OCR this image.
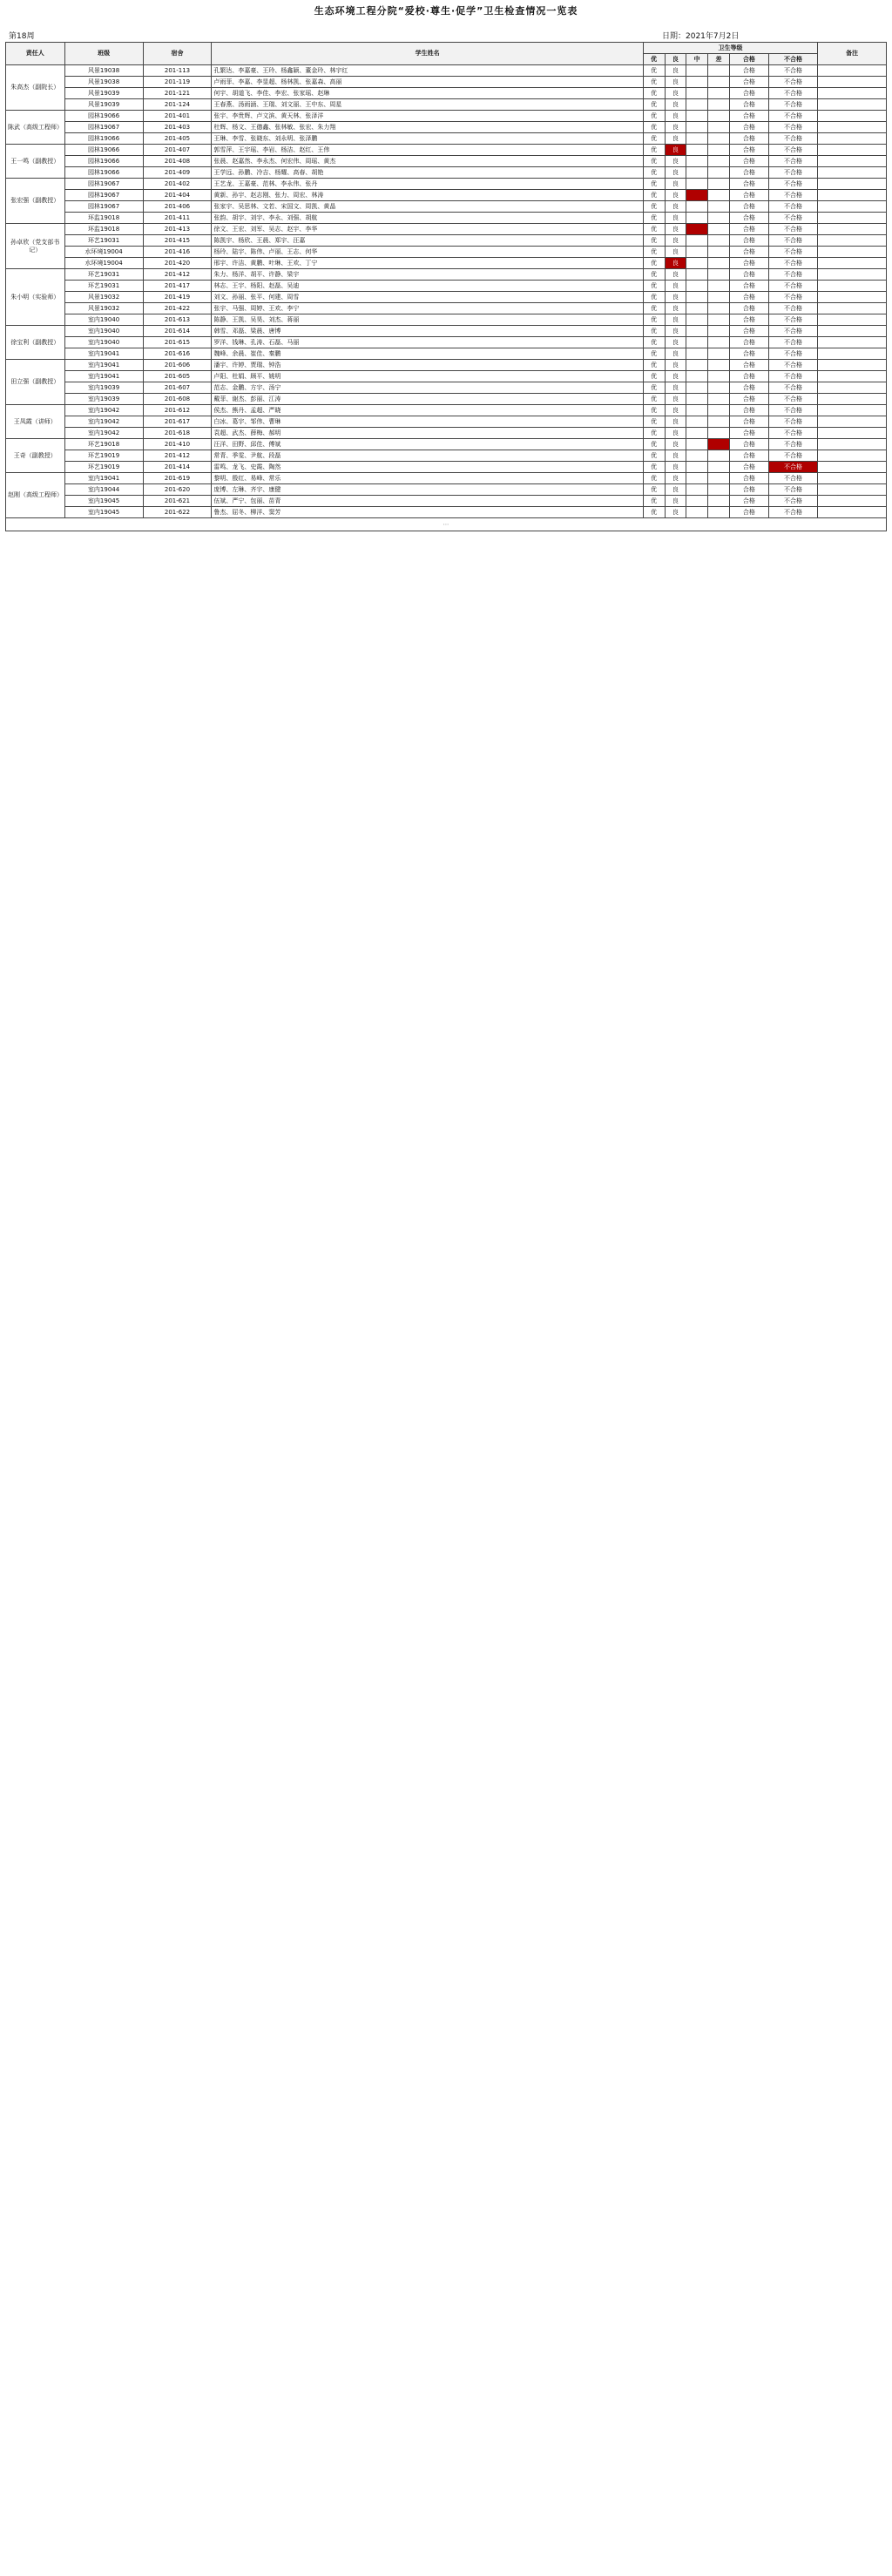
生态环境工程分院“爱校·尊生·促学”卫生检查情况一览表
第18周	日期：2021年7月2日
责任人	班级	宿舍	学生姓名	卫生等级						备注
				优	良	中	差	合格	不合格	
朱高杰（副院长）	风景19038	201-113	孔繁达、李嘉豪、王玲、杨鑫颖、董金玲、林宇红	优	良			合格	不合格	
	风景19038	201-119	卢雨菲、李嘉、李显超、杨林凯、张嘉森、高丽	优	良			合格	不合格	
	风景19039	201-121	何宇、胡道飞、李佳、李宏、张家瑶、赵琳	优	良			合格	不合格	
	风景19039	201-124	王春燕、汤雨涵、王瑞、刘文丽、王中东、周星	优	良			合格	不合格	
陈武（高级工程师）	园林19066	201-401	张宇、李贵辉、卢文滨、黄天林、张泽洋	优	良			合格	不合格	
	园林19067	201-403	杜辉、杨文、王德鑫、张林敏、张宏、朱力翔	优	良			合格	不合格	
	园林19066	201-405	王琳、李雪、张晓东、刘永明、张泽鹏	优	良			合格	不合格	
王一鸣（副教授）	园林19066	201-407	郭雪萍、王宇瑶、李岩、杨洁、赵红、王伟	优	良			合格	不合格	
	园林19066	201-408	张晨、赵嘉然、李永杰、何宏伟、周瑶、黄杰	优	良			合格	不合格	
	园林19066	201-409	王学远、孙鹏、冷吉、杨耀、高春、胡艳	优	良			合格	不合格	
张宏强（副教授）	园林19067	201-402	王艺龙、王嘉豪、范林、李永伟、张丹	优	良			合格	不合格	
	园林19067	201-404	黄新、孙宇、赵志刚、张力、周宏、林涛	优	良			合格	不合格	
	园林19067	201-406	张家宇、吴思林、文若、宋国文、周凯、黄晶	优	良			合格	不合格	
	环监19018	201-411	张韵、胡宇、刘宇、李永、刘强、胡航	优	良			合格	不合格	
孙卓欣（党支部书记）	环监19018	201-413	徐文、王宏、刘军、吴志、赵宇、李华	优	良			合格	不合格	
	环艺19031	201-415	陈凯宇、杨欣、王晨、郑宇、汪嘉	优	良			合格	不合格	
	水环境19004	201-416	杨玲、陆宇、陈伟、卢丽、王志、何华	优	良			合格	不合格	
	水环境19004	201-420	邢宇、许洁、黄鹏、叶琳、王欢、丁宁	优	良			合格	不合格	
朱小明（实验师）	环艺19031	201-412	朱力、杨洋、胡平、许静、梁宇	优	良			合格	不合格	
	环艺19031	201-417	林志、王宇、杨阳、赵磊、吴迪	优	良			合格	不合格	
	风景19032	201-419	刘文、孙丽、张平、何建、周雪	优	良			合格	不合格	
	风景19032	201-422	张宇、马强、周婷、王欢、李宁	优	良			合格	不合格	
	室内19040	201-613	陈静、王凯、吴昊、刘杰、蒋丽	优	良			合格	不合格	
徐宝利（副教授）	室内19040	201-614	韩雪、邓磊、梁晨、唐博	优	良			合格	不合格	
	室内19040	201-615	罗洋、钱琳、孔涛、石磊、马丽	优	良			合格	不合格	
	室内19041	201-616	魏峰、余晨、崔佳、秦鹏	优	良			合格	不合格	
田立强（副教授）	室内19041	201-606	潘宇、许婷、贾瑞、钟浩	优	良			合格	不合格	
	室内19041	201-605	卢阳、杜娟、顾平、姚明	优	良			合格	不合格	
	室内19039	201-607	范志、金鹏、方宇、汤宁	优	良			合格	不合格	
	室内19039	201-608	戴菲、谢杰、彭丽、江涛	优	良			合格	不合格	
王凤霞（讲师）	室内19042	201-612	侯杰、熊丹、孟超、严晓	优	良			合格	不合格	
	室内19042	201-617	白冰、葛宇、邹伟、曹琳	优	良			合格	不合格	
	室内19042	201-618	袁超、武杰、薛梅、郝明	优	良			合格	不合格	
王奇（副教授）	环艺19018	201-410	汪洋、田野、邱佳、傅斌	优	良			合格	不合格	
	环艺19019	201-412	常青、季雯、尹航、段磊	优	良			合格	不合格	
	环艺19019	201-414	雷鸣、龙飞、史霞、陶然	优	良			合格	不合格	
赵刚（高级工程师）	室内19041	201-619	黎明、殷红、易峰、常乐	优	良			合格	不合格	
	室内19044	201-620	庞博、左琳、齐宇、康健	优	良			合格	不合格	
	室内19045	201-621	伍斌、严宁、包丽、苗青	优	良			合格	不合格	
	室内19045	201-622	鲁杰、屈冬、柳洋、窦芳	优	良			合格	不合格	
⋯										
